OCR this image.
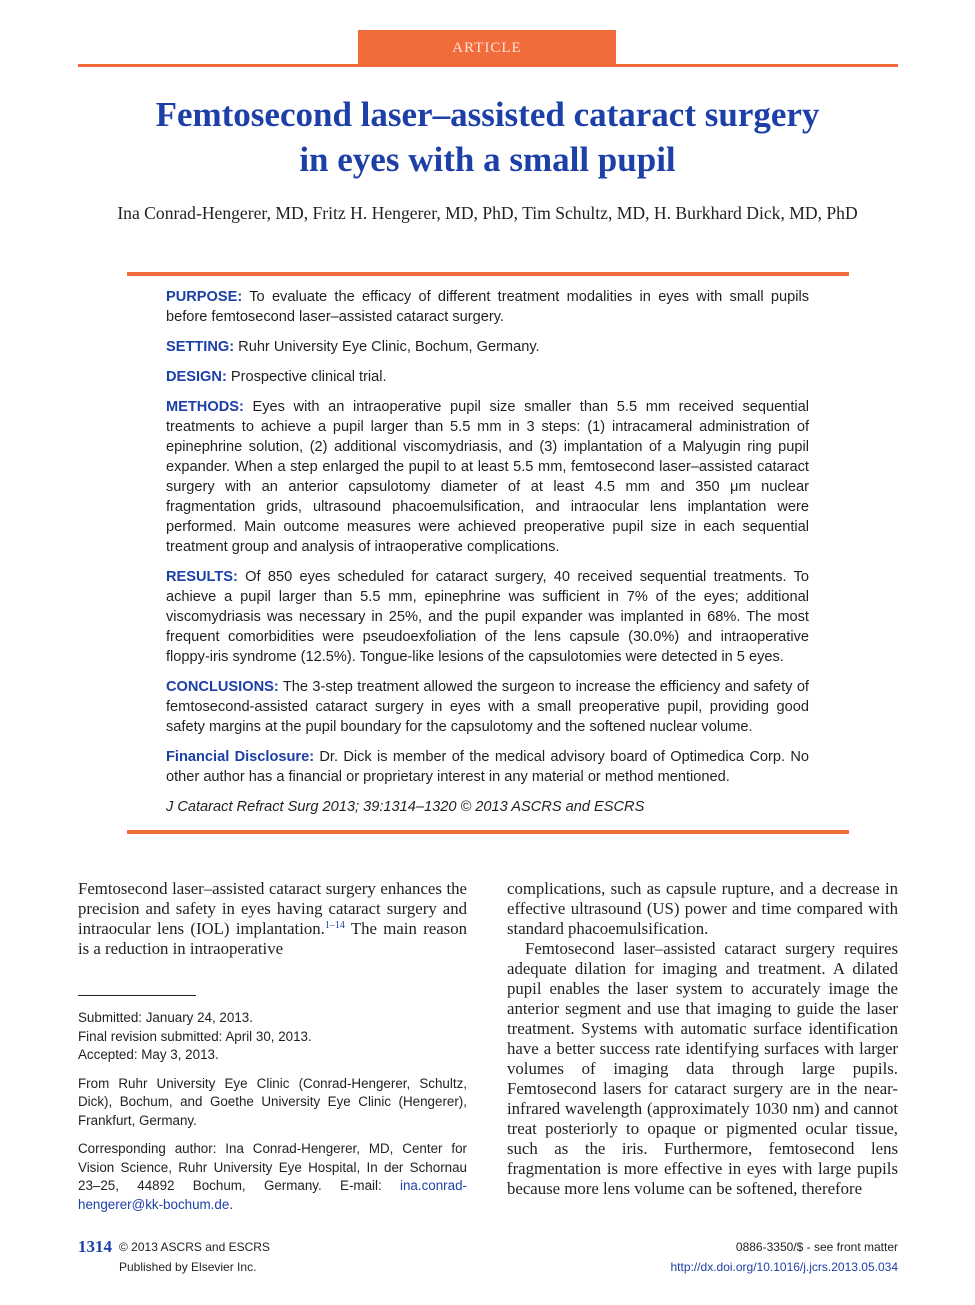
ARTICLE
Femtosecond laser–assisted cataract surgery
in eyes with a small pupil
Ina Conrad-Hengerer, MD, Fritz H. Hengerer, MD, PhD, Tim Schultz, MD, H. Burkhard Dick, MD, PhD

PURPOSE: To evaluate the efficacy of different treatment modalities in eyes with small pupils before femtosecond laser–assisted cataract surgery.

SETTING: Ruhr University Eye Clinic, Bochum, Germany.

DESIGN: Prospective clinical trial.

METHODS: Eyes with an intraoperative pupil size smaller than 5.5 mm received sequential treatments to achieve a pupil larger than 5.5 mm in 3 steps: (1) intracameral administration of epinephrine solution, (2) additional viscomydriasis, and (3) implantation of a Malyugin ring pupil expander. When a step enlarged the pupil to at least 5.5 mm, femtosecond laser–assisted cataract surgery with an anterior capsulotomy diameter of at least 4.5 mm and 350 μm nuclear fragmentation grids, ultrasound phacoemulsification, and intraocular lens implantation were performed. Main outcome measures were achieved preoperative pupil size in each sequential treatment group and analysis of intraoperative complications.

RESULTS: Of 850 eyes scheduled for cataract surgery, 40 received sequential treatments. To achieve a pupil larger than 5.5 mm, epinephrine was sufficient in 7% of the eyes; additional viscomydriasis was necessary in 25%, and the pupil expander was implanted in 68%. The most frequent comorbidities were pseudoexfoliation of the lens capsule (30.0%) and intraoperative floppy-iris syndrome (12.5%). Tongue-like lesions of the capsulotomies were detected in 5 eyes.

CONCLUSIONS: The 3-step treatment allowed the surgeon to increase the efficiency and safety of femtosecond-assisted cataract surgery in eyes with a small preoperative pupil, providing good safety margins at the pupil boundary for the capsulotomy and the softened nuclear volume.

Financial Disclosure: Dr. Dick is member of the medical advisory board of Optimedica Corp. No other author has a financial or proprietary interest in any material or method mentioned.

J Cataract Refract Surg 2013; 39:1314–1320 © 2013 ASCRS and ESCRS

Femtosecond laser–assisted cataract surgery enhances the precision and safety in eyes having cataract surgery and intraocular lens (IOL) implantation.$^{1-14}$ The main reason is a reduction in intraoperative

Submitted: January 24, 2013.
Final revision submitted: April 30, 2013.
Accepted: May 3, 2013.

From Ruhr University Eye Clinic (Conrad-Hengerer, Schultz, Dick), Bochum, and Goethe University Eye Clinic (Hengerer), Frankfurt, Germany.

Corresponding author: Ina Conrad-Hengerer, MD, Center for Vision Science, Ruhr University Eye Hospital, In der Schornau 23–25, 44892 Bochum, Germany. E-mail: ina.conrad-hengerer@kk-bochum.de.

complications, such as capsule rupture, and a decrease in effective ultrasound (US) power and time compared with standard phacoemulsification.

Femtosecond laser–assisted cataract surgery requires adequate dilation for imaging and treatment. A dilated pupil enables the laser system to accurately image the anterior segment and use that imaging to guide the laser treatment. Systems with automatic surface identification have a better success rate identifying surfaces with larger volumes of imaging data through large pupils. Femtosecond lasers for cataract surgery are in the near-infrared wavelength (approximately 1030 nm) and cannot treat posteriorly to opaque or pigmented ocular tissue, such as the iris. Furthermore, femtosecond lens fragmentation is more effective in eyes with large pupils because more lens volume can be softened, therefore

1314 © 2013 ASCRS and ESCRS
Published by Elsevier Inc.
0886-3350/$ - see front matter
http://dx.doi.org/10.1016/j.jcrs.2013.05.034
